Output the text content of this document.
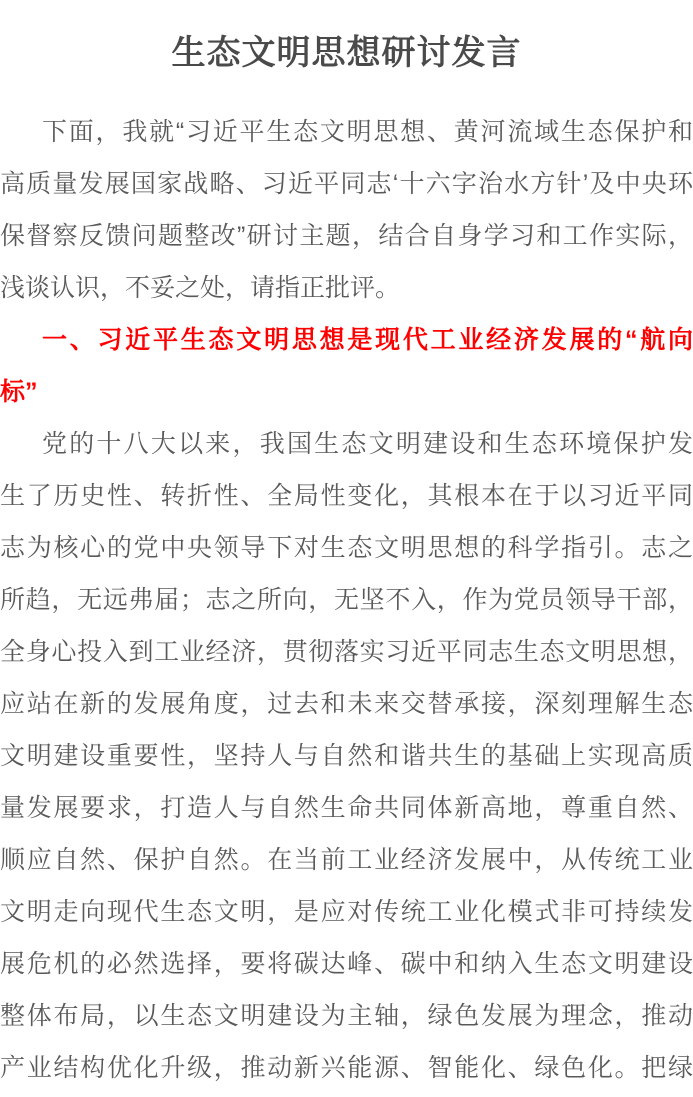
生态文明思想研讨发言
下面，我就“习近平生态文明思想、黄河流域生态保护和
高质量发展国家战略、习近平同志‘十六字治水方针’及中央环
保督察反馈问题整改”研讨主题，结合自身学习和工作实际，
浅谈认识，不妥之处，请指正批评。
一、习近平生态文明思想是现代工业经济发展的“航向
标”
党的十八大以来，我国生态文明建设和生态环境保护发
生了历史性、转折性、全局性变化，其根本在于以习近平同
志为核心的党中央领导下对生态文明思想的科学指引。志之
所趋，无远弗届；志之所向，无坚不入，作为党员领导干部，
全身心投入到工业经济，贯彻落实习近平同志生态文明思想，
应站在新的发展角度，过去和未来交替承接，深刻理解生态
文明建设重要性，坚持人与自然和谐共生的基础上实现高质
量发展要求，打造人与自然生命共同体新高地，尊重自然、
顺应自然、保护自然。在当前工业经济发展中，从传统工业
文明走向现代生态文明，是应对传统工业化模式非可持续发
展危机的必然选择，要将碳达峰、碳中和纳入生态文明建设
整体布局，以生态文明建设为主轴，绿色发展为理念，推动
产业结构优化升级，推动新兴能源、智能化、绿色化。把绿
